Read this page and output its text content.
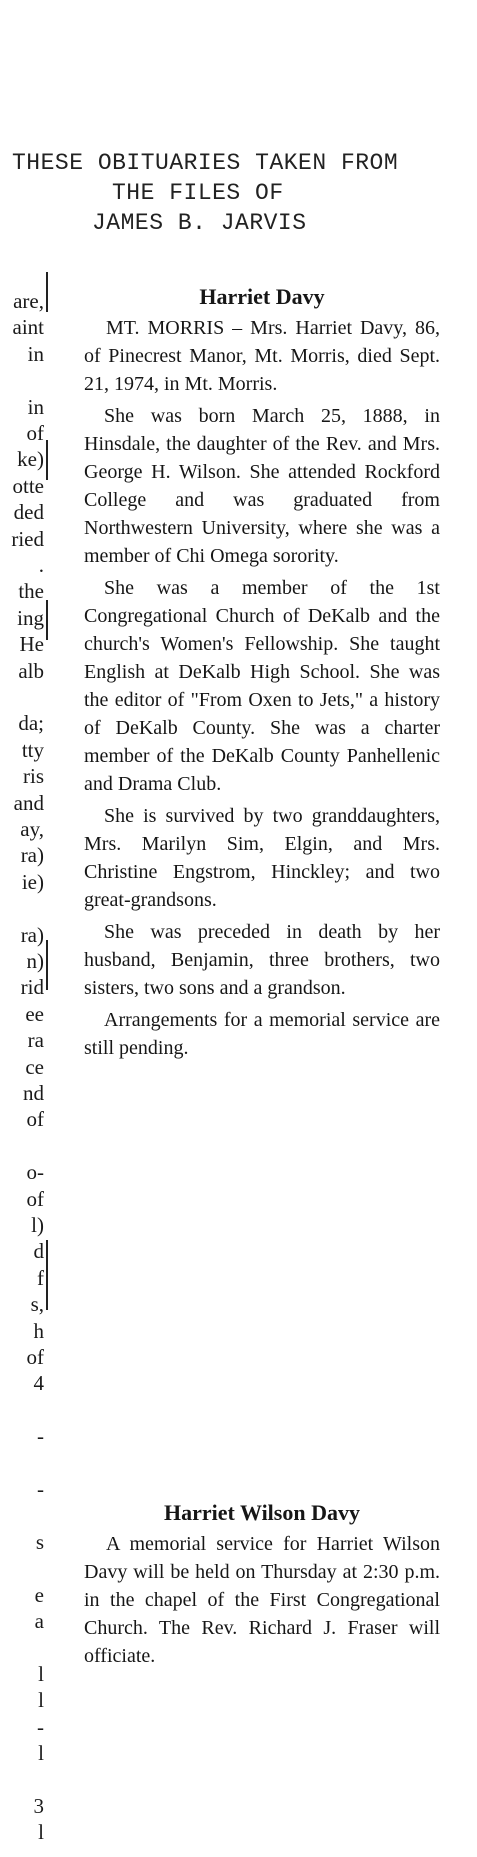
THESE OBITUARIES TAKEN FROM
THE FILES OF
JAMES B. JARVIS
are,
aint
in
in
of
ke)
otte
ded
ried
.
the
ing
He
alb
da;
tty
ris
and
ay,
ra)
ie)
ra)
n)
rid
ee
ra
ce
nd
of
o-
of
l)
d
f
s,
h
of
4
-
-
s
e
a
l
l
-
l
3
l
Harriet Davy

MT. MORRIS – Mrs. Harriet Davy, 86, of Pinecrest Manor, Mt. Morris, died Sept. 21, 1974, in Mt. Morris.

She was born March 25, 1888, in Hinsdale, the daughter of the Rev. and Mrs. George H. Wilson. She attended Rockford College and was graduated from Northwestern University, where she was a member of Chi Omega sorority.

She was a member of the 1st Congregational Church of DeKalb and the church's Women's Fellowship. She taught English at DeKalb High School. She was the editor of "From Oxen to Jets," a history of DeKalb County. She was a charter member of the DeKalb County Panhellenic and Drama Club.

She is survived by two granddaughters, Mrs. Marilyn Sim, Elgin, and Mrs. Christine Engstrom, Hinckley; and two great-grandsons.

She was preceded in death by her husband, Benjamin, three brothers, two sisters, two sons and a grandson.

Arrangements for a memorial service are still pending.

Harriet Wilson Davy

A memorial service for Harriet Wilson Davy will be held on Thursday at 2:30 p.m. in the chapel of the First Congregational Church. The Rev. Richard J. Fraser will officiate.
